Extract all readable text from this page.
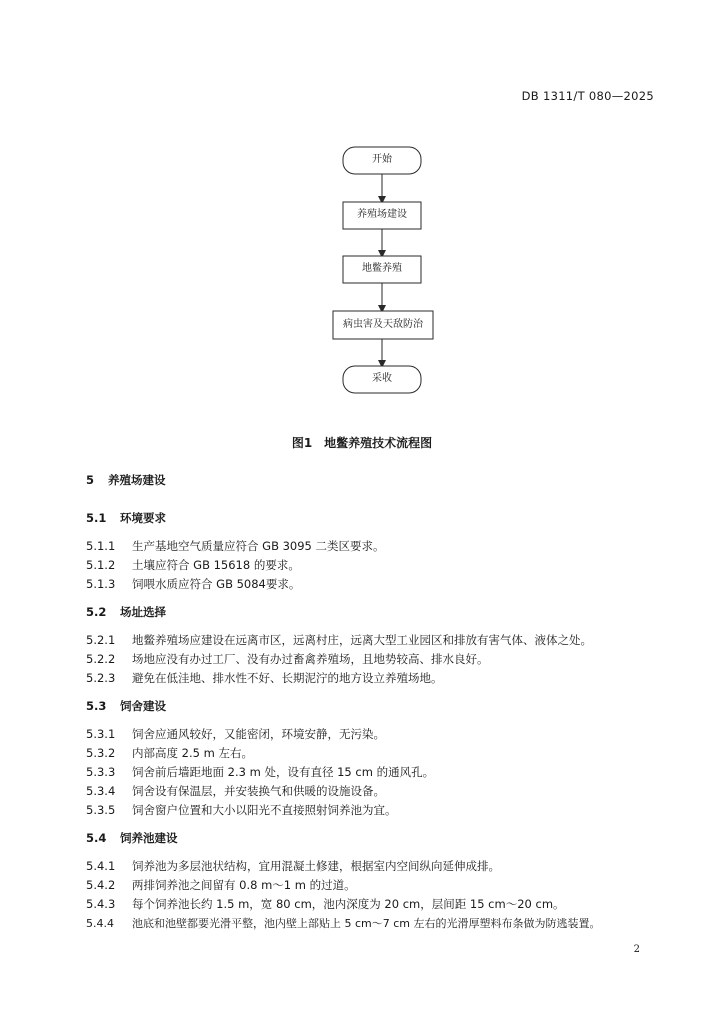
DB 1311/T 080—2025
开始
养殖场建设
地鳖养殖
病虫害及天敌防治
采收
图1　地鳖养殖技术流程图
5 养殖场建设
5.1 环境要求
5.1.1 生产基地空气质量应符合 GB 3095 二类区要求。
5.1.2 土壤应符合 GB 15618 的要求。
5.1.3 饲喂水质应符合 GB 5084要求。
5.2 场址选择
5.2.1 地鳖养殖场应建设在远离市区，远离村庄，远离大型工业园区和排放有害气体、液体之处。
5.2.2 场地应没有办过工厂、没有办过畜禽养殖场，且地势较高、排水良好。
5.2.3 避免在低洼地、排水性不好、长期泥泞的地方设立养殖场地。
5.3 饲舍建设
5.3.1 饲舍应通风较好，又能密闭，环境安静，无污染。
5.3.2 内部高度 2.5 m 左右。
5.3.3 饲舍前后墙距地面 2.3 m 处，设有直径 15 cm 的通风孔。
5.3.4 饲舍设有保温层，并安装换气和供暖的设施设备。
5.3.5 饲舍窗户位置和大小以阳光不直接照射饲养池为宜。
5.4 饲养池建设
5.4.1 饲养池为多层池状结构，宜用混凝土修建，根据室内空间纵向延伸成排。
5.4.2 两排饲养池之间留有 0.8 m～1 m 的过道。
5.4.3 每个饲养池长约 1.5 m，宽 80 cm，池内深度为 20 cm，层间距 15 cm～20 cm。
5.4.4 池底和池壁都要光滑平整，池内壁上部贴上 5 cm～7 cm 左右的光滑厚塑料布条做为防逃装置。
2
